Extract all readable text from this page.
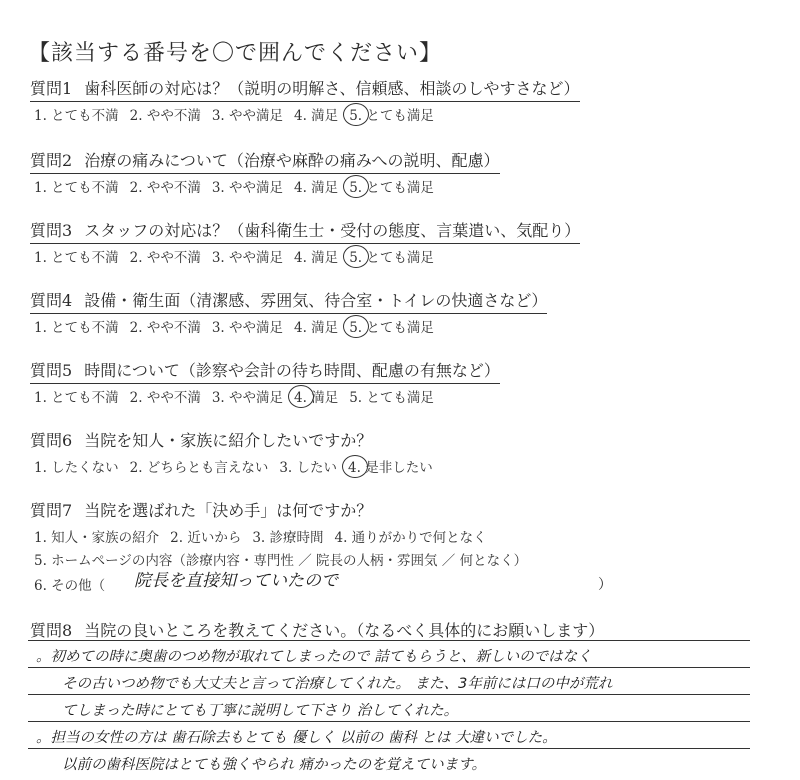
【該当する番号を〇で囲んでください】
質問1 歯科医師の対応は？（説明の明解さ、信頼感、相談のしやすさなど）
1. とても不満 2. やや不満 3. やや満足 4. 満足 5. とても満足
質問2 治療の痛みについて（治療や麻酔の痛みへの説明、配慮）
1. とても不満 2. やや不満 3. やや満足 4. 満足 5. とても満足
質問3 スタッフの対応は？（歯科衛生士・受付の態度、言葉遣い、気配り）
1. とても不満 2. やや不満 3. やや満足 4. 満足 5. とても満足
質問4 設備・衛生面（清潔感、雰囲気、待合室・トイレの快適さなど）
1. とても不満 2. やや不満 3. やや満足 4. 満足 5. とても満足
質問5 時間について（診察や会計の待ち時間、配慮の有無など）
1. とても不満 2. やや不満 3. やや満足 4. 満足 5. とても満足
質問6 当院を知人・家族に紹介したいですか？
1. したくない 2. どちらとも言えない 3. したい 4. 是非したい
質問7 当院を選ばれた「決め手」は何ですか？
1. 知人・家族の紹介 2. 近いから 3. 診療時間 4. 通りがかりで何となく
5. ホームページの内容（診療内容・専門性 ／ 院長の人柄・雰囲気 ／ 何となく）
6. その他（ 院長を直接知っていたので	）
質問8 当院の良いところを教えてください。（なるべく具体的にお願いします）
。初めての時に奥歯のつめ物が取れてしまったので 詰てもらうと、新しいのではなく
その古いつめ物でも大丈夫と言って治療してくれた。 また、3年前には口の中が荒れ
てしまった時にとても丁寧に説明して下さり 治してくれた。
。担当の女性の方は 歯石除去もとても 優しく 以前の 歯科 とは 大違いでした。
以前の歯科医院はとても強くやられ 痛かったのを覚えています。
